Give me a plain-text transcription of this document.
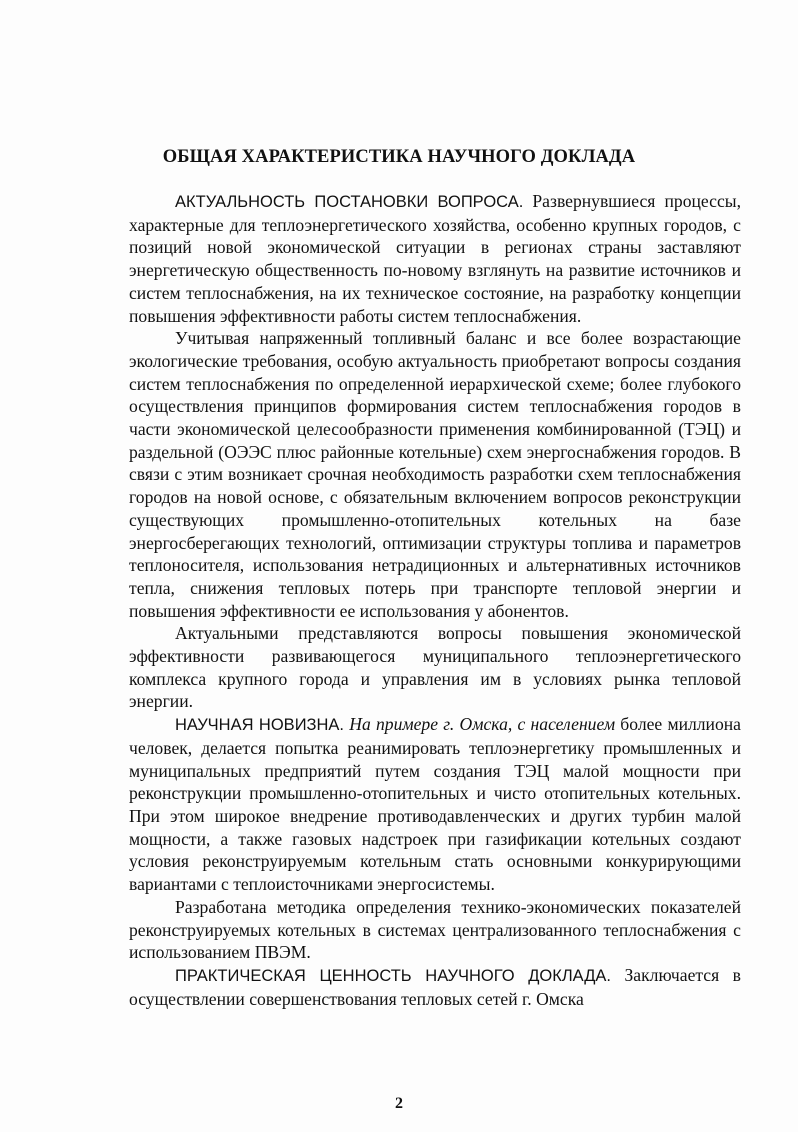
ОБЩАЯ ХАРАКТЕРИСТИКА НАУЧНОГО ДОКЛАДА

АКТУАЛЬНОСТЬ ПОСТАНОВКИ ВОПРОСА. Развернувшиеся процессы, характерные для теплоэнергетического хозяйства, особенно крупных городов, с позиций новой экономической ситуации в регионах страны заставляют энергетическую общественность по-новому взглянуть на развитие источников и систем теплоснабжения, на их техническое состояние, на разработку концепции повышения эффективности работы систем теплоснабжения.

Учитывая напряженный топливный баланс и все более возрастающие экологические требования, особую актуальность приобретают вопросы создания систем теплоснабжения по определенной иерархической схеме; более глубокого осуществления принципов формирования систем теплоснабжения городов в части экономической целесообразности применения комбинированной (ТЭЦ) и раздельной (ОЭЭС плюс районные котельные) схем энергоснабжения городов. В связи с этим возникает срочная необходимость разработки схем теплоснабжения городов на новой основе, с обязательным включением вопросов реконструкции существующих промышленно-отопительных котельных на базе энергосберегающих технологий, оптимизации структуры топлива и параметров теплоносителя, использования нетрадиционных и альтернативных источников тепла, снижения тепловых потерь при транспорте тепловой энергии и повышения эффективности ее использования у абонентов.

Актуальными представляются вопросы повышения экономической эффективности развивающегося муниципального теплоэнергетического комплекса крупного города и управления им в условиях рынка тепловой энергии.

НАУЧНАЯ НОВИЗНА. На примере г. Омска, с населением более миллиона человек, делается попытка реанимировать теплоэнергетику промышленных и муниципальных предприятий путем создания ТЭЦ малой мощности при реконструкции промышленно-отопительных и чисто отопительных котельных. При этом широкое внедрение противодавленческих и других турбин малой мощности, а также газовых надстроек при газификации котельных создают условия реконструируемым котельным стать основными конкурирующими вариантами с теплоисточниками энергосистемы.

Разработана методика определения технико-экономических показателей реконструируемых котельных в системах централизованного теплоснабжения с использованием ПВЭМ.

ПРАКТИЧЕСКАЯ ЦЕННОСТЬ НАУЧНОГО ДОКЛАДА. Заключается в осуществлении совершенствования тепловых сетей г. Омска

2
